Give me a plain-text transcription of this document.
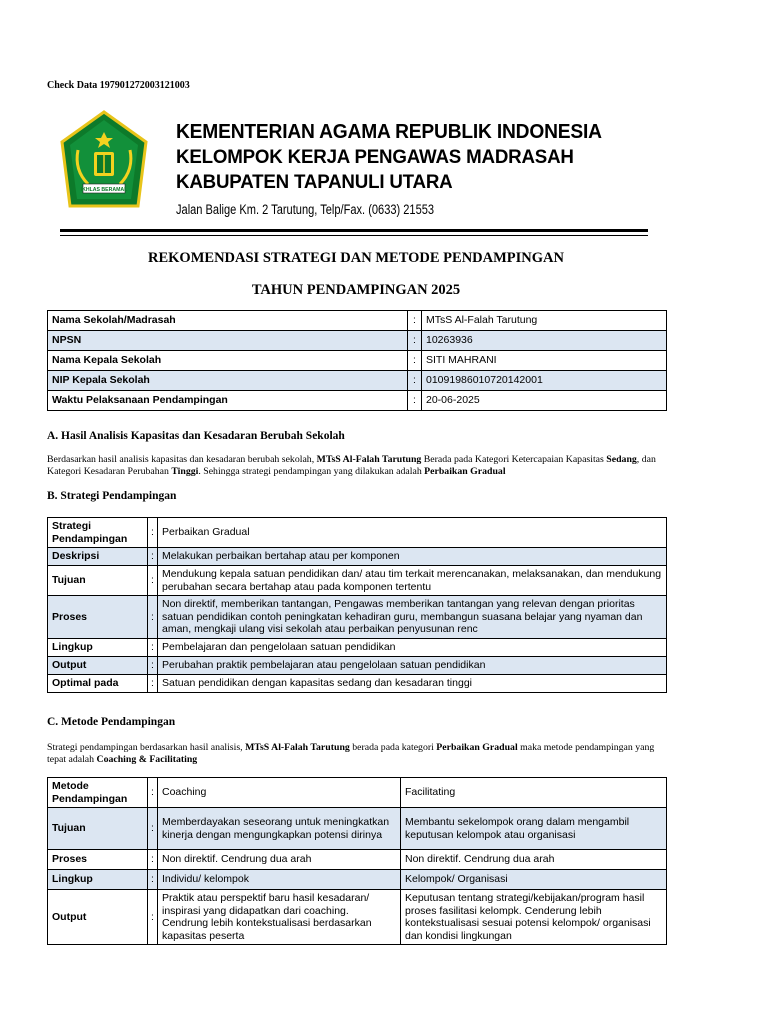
Check Data 197901272003121003
IKHLAS BERAMAL
KEMENTERIAN AGAMA REPUBLIK INDONESIA
KELOMPOK KERJA PENGAWAS MADRASAH
KABUPATEN TAPANULI UTARA
Jalan Balige Km. 2 Tarutung, Telp/Fax. (0633) 21553
REKOMENDASI STRATEGI DAN METODE PENDAMPINGAN
TAHUN PENDAMPINGAN 2025
Nama Sekolah/Madrasah	:	MTsS Al-Falah Tarutung
NPSN	:	10263936
Nama Kepala Sekolah	:	SITI MAHRANI
NIP Kepala Sekolah	:	01091986010720142001
Waktu Pelaksanaan Pendampingan	:	20-06-2025
A. Hasil Analisis Kapasitas dan Kesadaran Berubah Sekolah
Berdasarkan hasil analisis kapasitas dan kesadaran berubah sekolah, MTsS Al-Falah Tarutung Berada pada Kategori Ketercapaian Kapasitas Sedang, dan Kategori Kesadaran Perubahan Tinggi. Sehingga strategi pendampingan yang dilakukan adalah Perbaikan Gradual
B. Strategi Pendampingan
Strategi Pendampingan	:	Perbaikan Gradual
Deskripsi	:	Melakukan perbaikan bertahap atau per komponen
Tujuan	:	Mendukung kepala satuan pendidikan dan/ atau tim terkait merencanakan, melaksanakan, dan mendukung perubahan secara bertahap atau pada komponen tertentu
Proses	:	Non direktif, memberikan tantangan, Pengawas memberikan tantangan yang relevan dengan prioritas satuan pendidikan contoh peningkatan kehadiran guru, membangun suasana belajar yang nyaman dan aman, mengkaji ulang visi sekolah atau perbaikan penyusunan renc
Lingkup	:	Pembelajaran dan pengelolaan satuan pendidikan
Output	:	Perubahan praktik pembelajaran atau pengelolaan satuan pendidikan
Optimal pada	:	Satuan pendidikan dengan kapasitas sedang dan kesadaran tinggi
C. Metode Pendampingan
Strategi pendampingan berdasarkan hasil analisis, MTsS Al-Falah Tarutung berada pada kategori Perbaikan Gradual maka metode pendampingan yang tepat adalah Coaching & Facilitating
Metode Pendampingan	:	Coaching	Facilitating
Tujuan	:	Memberdayakan seseorang untuk meningkatkan kinerja dengan mengungkapkan potensi dirinya	Membantu sekelompok orang dalam mengambil keputusan kelompok atau organisasi
Proses	:	Non direktif. Cendrung dua arah	Non direktif. Cendrung dua arah
Lingkup	:	Individu/ kelompok	Kelompok/ Organisasi
Output	:	Praktik atau perspektif baru hasil kesadaran/ inspirasi yang didapatkan dari coaching. Cendrung lebih kontekstualisasi berdasarkan kapasitas peserta	Keputusan tentang strategi/kebijakan/program hasil proses fasilitasi kelompk. Cenderung lebih kontekstualisasi sesuai potensi kelompok/ organisasi dan kondisi lingkungan
